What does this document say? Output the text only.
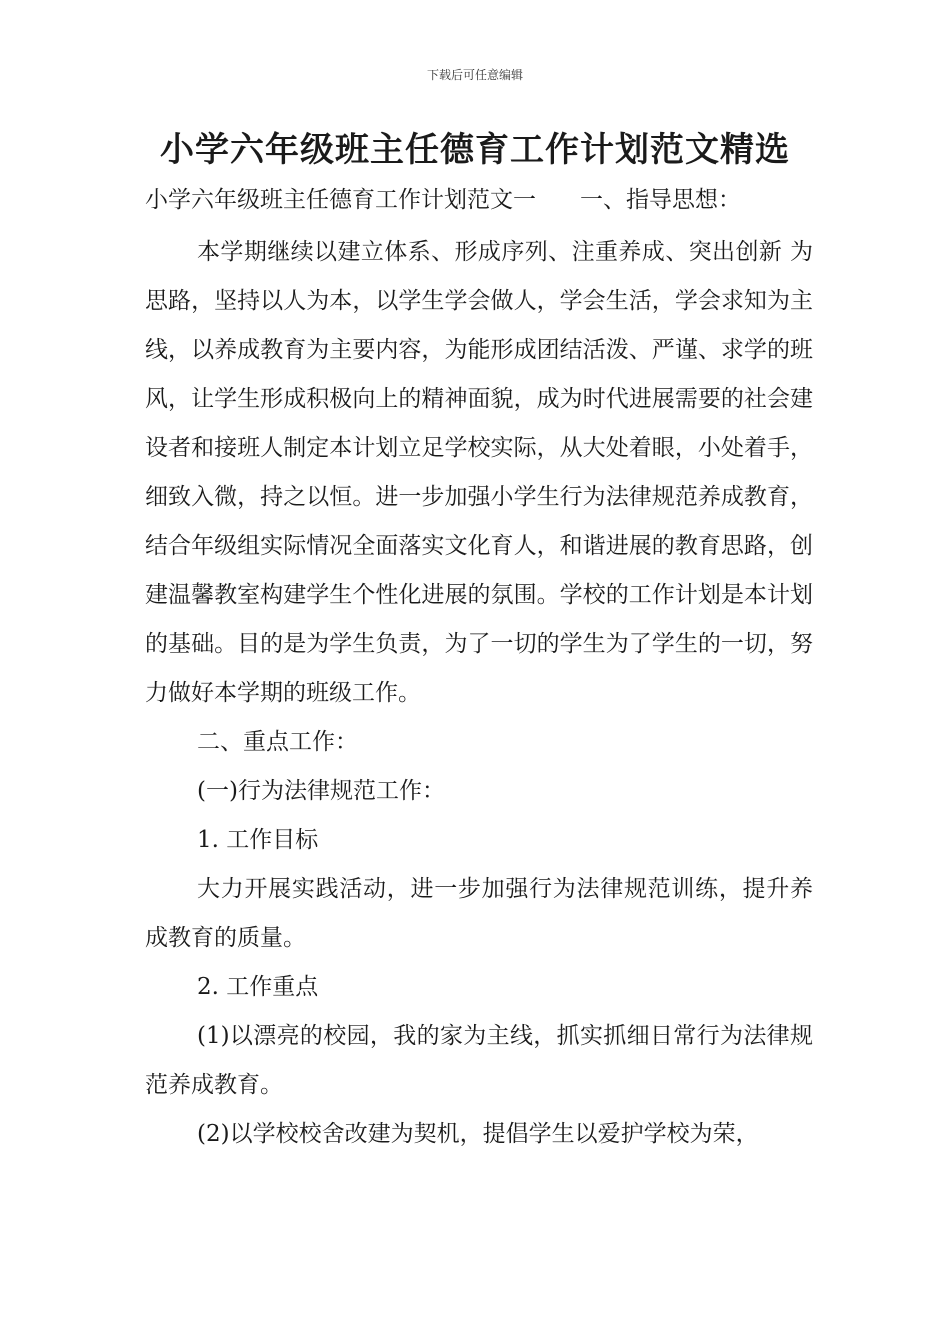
下载后可任意编辑
小学六年级班主任德育工作计划范文精选
小学六年级班主任德育工作计划范文一 一、指导思想：

本学期继续以建立体系、形成序列、注重养成、突出创新 为思路，坚持以人为本，以学生学会做人，学会生活，学会求知为主线，以养成教育为主要内容，为能形成团结活泼、严谨、求学的班风，让学生形成积极向上的精神面貌，成为时代进展需要的社会建设者和接班人制定本计划立足学校实际，从大处着眼，小处着手，细致入微，持之以恒。进一步加强小学生行为法律规范养成教育，结合年级组实际情况全面落实文化育人，和谐进展的教育思路，创建温馨教室构建学生个性化进展的氛围。学校的工作计划是本计划的基础。目的是为学生负责，为了一切的学生为了学生的一切，努力做好本学期的班级工作。

二、重点工作：

(一)行为法律规范工作：

1. 工作目标

大力开展实践活动，进一步加强行为法律规范训练，提升养成教育的质量。

2. 工作重点

(1)以漂亮的校园，我的家为主线，抓实抓细日常行为法律规范养成教育。

(2)以学校校舍改建为契机，提倡学生以爱护学校为荣，
